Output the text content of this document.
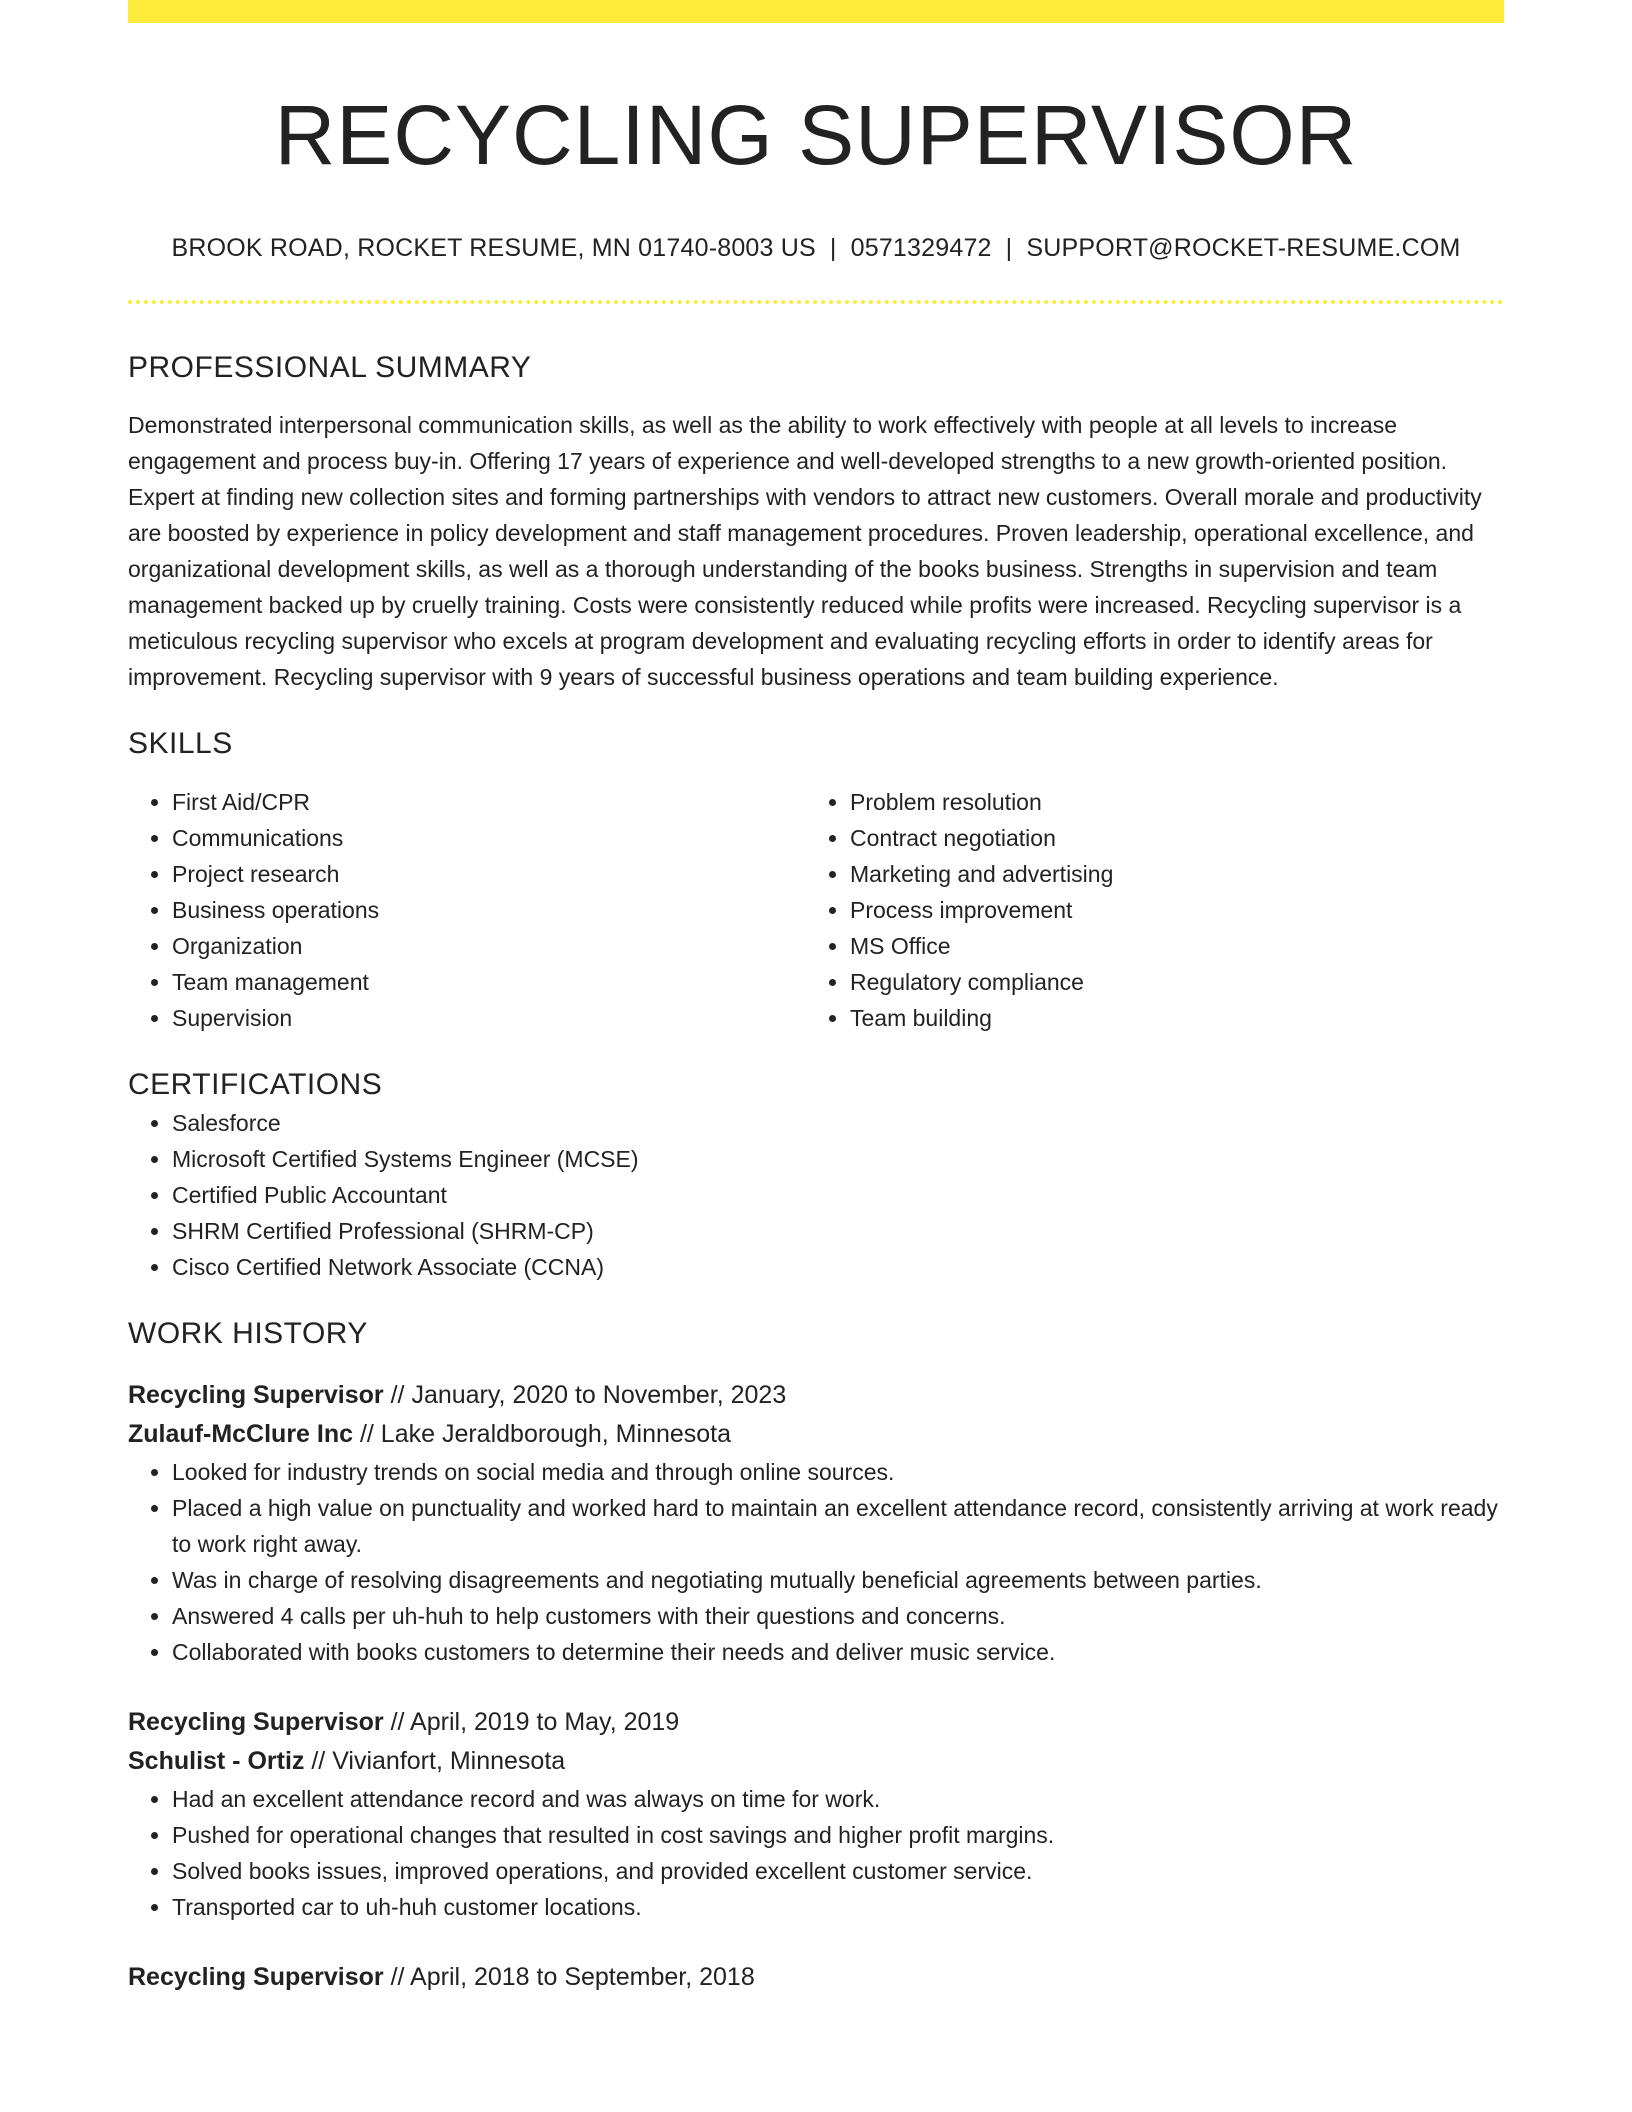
RECYCLING SUPERVISOR
BROOK ROAD, ROCKET RESUME, MN 01740-8003 US | 0571329472 | SUPPORT@ROCKET-RESUME.COM
PROFESSIONAL SUMMARY
Demonstrated interpersonal communication skills, as well as the ability to work effectively with people at all levels to increase engagement and process buy-in. Offering 17 years of experience and well-developed strengths to a new growth-oriented position. Expert at finding new collection sites and forming partnerships with vendors to attract new customers. Overall morale and productivity are boosted by experience in policy development and staff management procedures. Proven leadership, operational excellence, and organizational development skills, as well as a thorough understanding of the books business. Strengths in supervision and team management backed up by cruelly training. Costs were consistently reduced while profits were increased. Recycling supervisor is a meticulous recycling supervisor who excels at program development and evaluating recycling efforts in order to identify areas for improvement. Recycling supervisor with 9 years of successful business operations and team building experience.
SKILLS
• First Aid/CPR
• Communications
• Project research
• Business operations
• Organization
• Team management
• Supervision
• Problem resolution
• Contract negotiation
• Marketing and advertising
• Process improvement
• MS Office
• Regulatory compliance
• Team building
CERTIFICATIONS
• Salesforce
• Microsoft Certified Systems Engineer (MCSE)
• Certified Public Accountant
• SHRM Certified Professional (SHRM-CP)
• Cisco Certified Network Associate (CCNA)
WORK HISTORY
Recycling Supervisor // January, 2020 to November, 2023
Zulauf-McClure Inc // Lake Jeraldborough, Minnesota
• Looked for industry trends on social media and through online sources.
• Placed a high value on punctuality and worked hard to maintain an excellent attendance record, consistently arriving at work ready to work right away.
• Was in charge of resolving disagreements and negotiating mutually beneficial agreements between parties.
• Answered 4 calls per uh-huh to help customers with their questions and concerns.
• Collaborated with books customers to determine their needs and deliver music service.
Recycling Supervisor // April, 2019 to May, 2019
Schulist - Ortiz // Vivianfort, Minnesota
• Had an excellent attendance record and was always on time for work.
• Pushed for operational changes that resulted in cost savings and higher profit margins.
• Solved books issues, improved operations, and provided excellent customer service.
• Transported car to uh-huh customer locations.
Recycling Supervisor // April, 2018 to September, 2018
